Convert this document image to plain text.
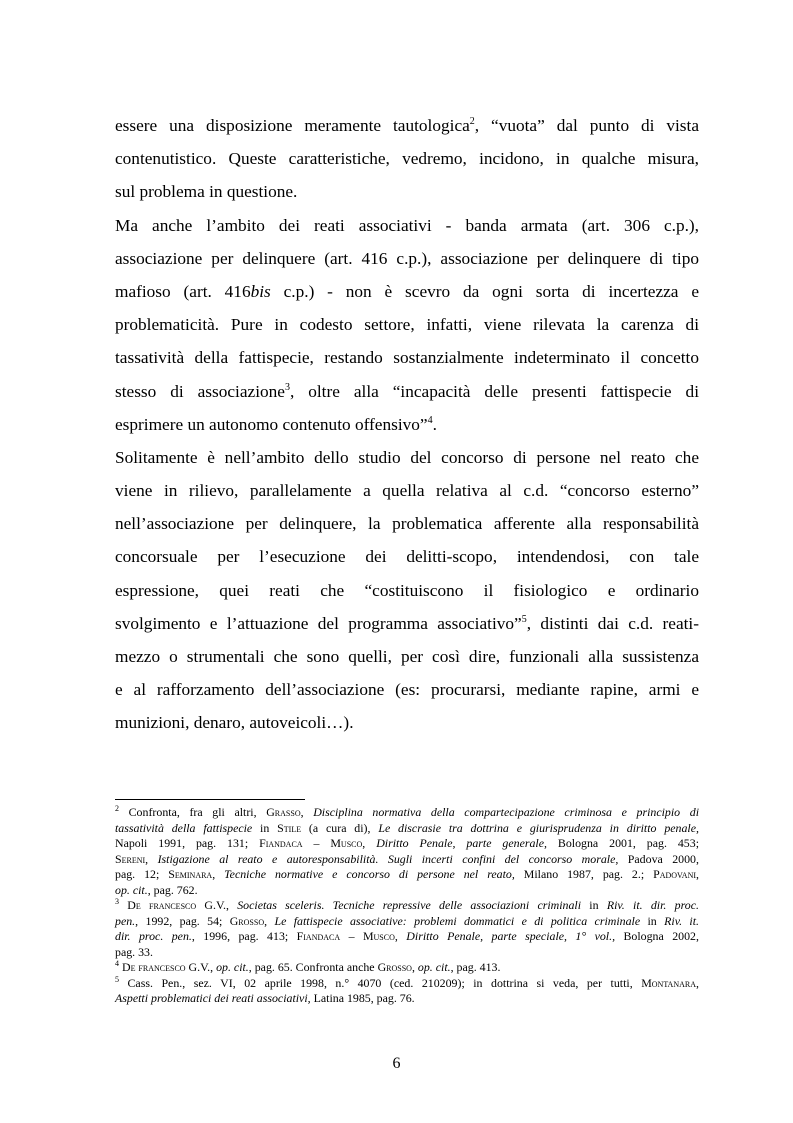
essere una disposizione meramente tautologica$^2$, “vuota” dal punto di vista
contenutistico. Queste caratteristiche, vedremo, incidono, in qualche misura,
sul problema in questione.
Ma anche l’ambito dei reati associativi - banda armata (art. 306 c.p.),
associazione per delinquere (art. 416 c.p.), associazione per delinquere di tipo
mafioso (art. 416bis c.p.) - non è scevro da ogni sorta di incertezza e
problematicità. Pure in codesto settore, infatti, viene rilevata la carenza di
tassatività della fattispecie, restando sostanzialmente indeterminato il concetto
stesso di associazione$^3$, oltre alla “incapacità delle presenti fattispecie di
esprimere un autonomo contenuto offensivo”$^4$.
Solitamente è nell’ambito dello studio del concorso di persone nel reato che
viene in rilievo, parallelamente a quella relativa al c.d. “concorso esterno”
nell’associazione per delinquere, la problematica afferente alla responsabilità
concorsuale per l’esecuzione dei delitti-scopo, intendendosi, con tale
espressione, quei reati che “costituiscono il fisiologico e ordinario
svolgimento e l’attuazione del programma associativo”$^5$, distinti dai c.d. reati-
mezzo o strumentali che sono quelli, per così dire, funzionali alla sussistenza
e al rafforzamento dell’associazione (es: procurarsi, mediante rapine, armi e
munizioni, denaro, autoveicoli…).
$^2$ Confronta, fra gli altri, Grasso, Disciplina normativa della compartecipazione criminosa e principio di
tassatività della fattispecie in Stile (a cura di), Le discrasie tra dottrina e giurisprudenza in diritto penale,
Napoli 1991, pag. 131; Fiandaca – Musco, Diritto Penale, parte generale, Bologna 2001, pag. 453;
Sereni, Istigazione al reato e autoresponsabilità. Sugli incerti confini del concorso morale, Padova 2000,
pag. 12; Seminara, Tecniche normative e concorso di persone nel reato, Milano 1987, pag. 2.; Padovani,
op. cit., pag. 762.
$^3$ De francesco G.V., Societas sceleris. Tecniche repressive delle associazioni criminali in Riv. it. dir. proc.
pen., 1992, pag. 54; Grosso, Le fattispecie associative: problemi dommatici e di politica criminale in Riv. it.
dir. proc. pen., 1996, pag. 413; Fiandaca – Musco, Diritto Penale, parte speciale, 1° vol., Bologna 2002,
pag. 33.
$^4$ De francesco G.V., op. cit., pag. 65. Confronta anche Grosso, op. cit., pag. 413.
$^5$ Cass. Pen., sez. VI, 02 aprile 1998, n.° 4070 (ced. 210209); in dottrina si veda, per tutti, Montanara,
Aspetti problematici dei reati associativi, Latina 1985, pag. 76.
6
